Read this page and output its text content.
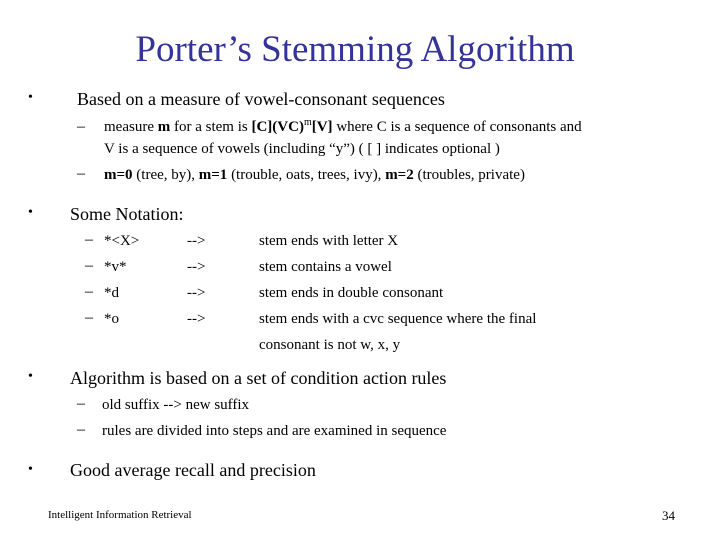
Porter’s Stemming Algorithm
• Based on a measure of vowel-consonant sequences
– measure m for a stem is [C](VC)$^m$[V] where C is a sequence of consonants and
V is a sequence of vowels (including “y”) ( [ ] indicates optional )
– m=0 (tree, by), m=1 (trouble, oats, trees, ivy), m=2 (troubles, private)
• Some Notation:
– *<X>	-->	stem ends with letter X
– *v*	-->	stem contains a vowel
– *d	-->	stem ends in double consonant
– *o	-->	stem ends with a cvc sequence where the final
consonant is not w, x, y
• Algorithm is based on a set of condition action rules
– old suffix --> new suffix
– rules are divided into steps and are examined in sequence
• Good average recall and precision
Intelligent Information Retrieval	34
